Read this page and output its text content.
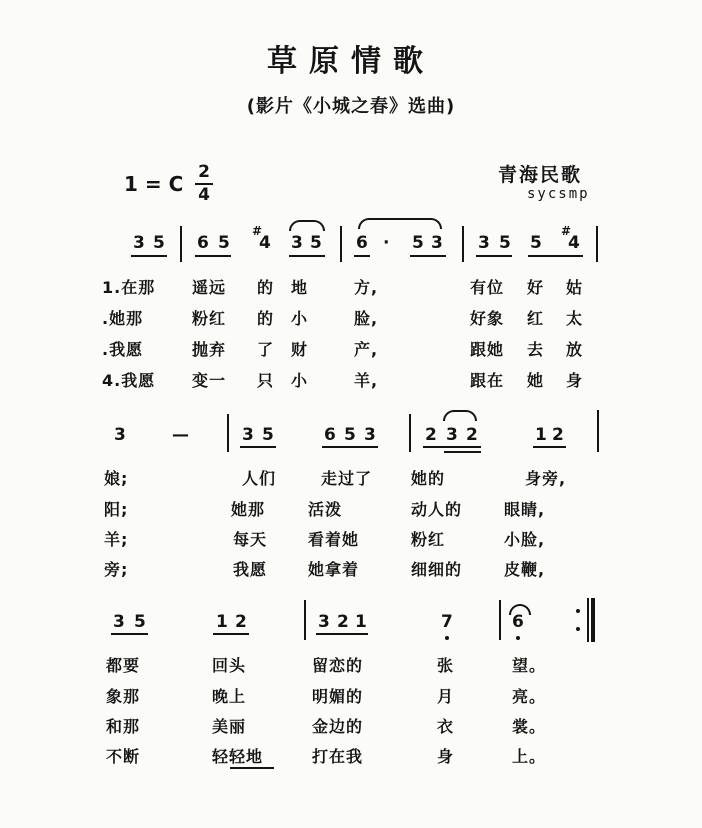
草原情歌
(影片《小城之春》选曲)
1 = C 2
4
青海民歌
sycsmp
3 5 6 5
#
4 3 5 6 · 5 3 3 5 5
#
4
1.在那 遥远 的 地	方,	有位 好 姑
.她那	粉红 的 小	脸,	好象 红 太
.我愿	抛弃 了 财	产,	跟她 去 放
4.我愿 变一 只 小	羊,	跟在 她 身
3	—	3 5	6 5 3	2 3 2	1 2
娘;	人们	走过了 她的	身旁,
阳;	她那	活泼	动人的	眼睛,
羊;	每天	看着她	粉红	小脸,
旁;	我愿	她拿着	细细的	皮鞭,
3 5	1 2	3 2 1	7	6
都要	回头	留恋的	张	望。
象那	晚上	明媚的	月	亮。
和那	美丽	金边的	衣	裳。
不断	轻轻地	打在我	身	上。
